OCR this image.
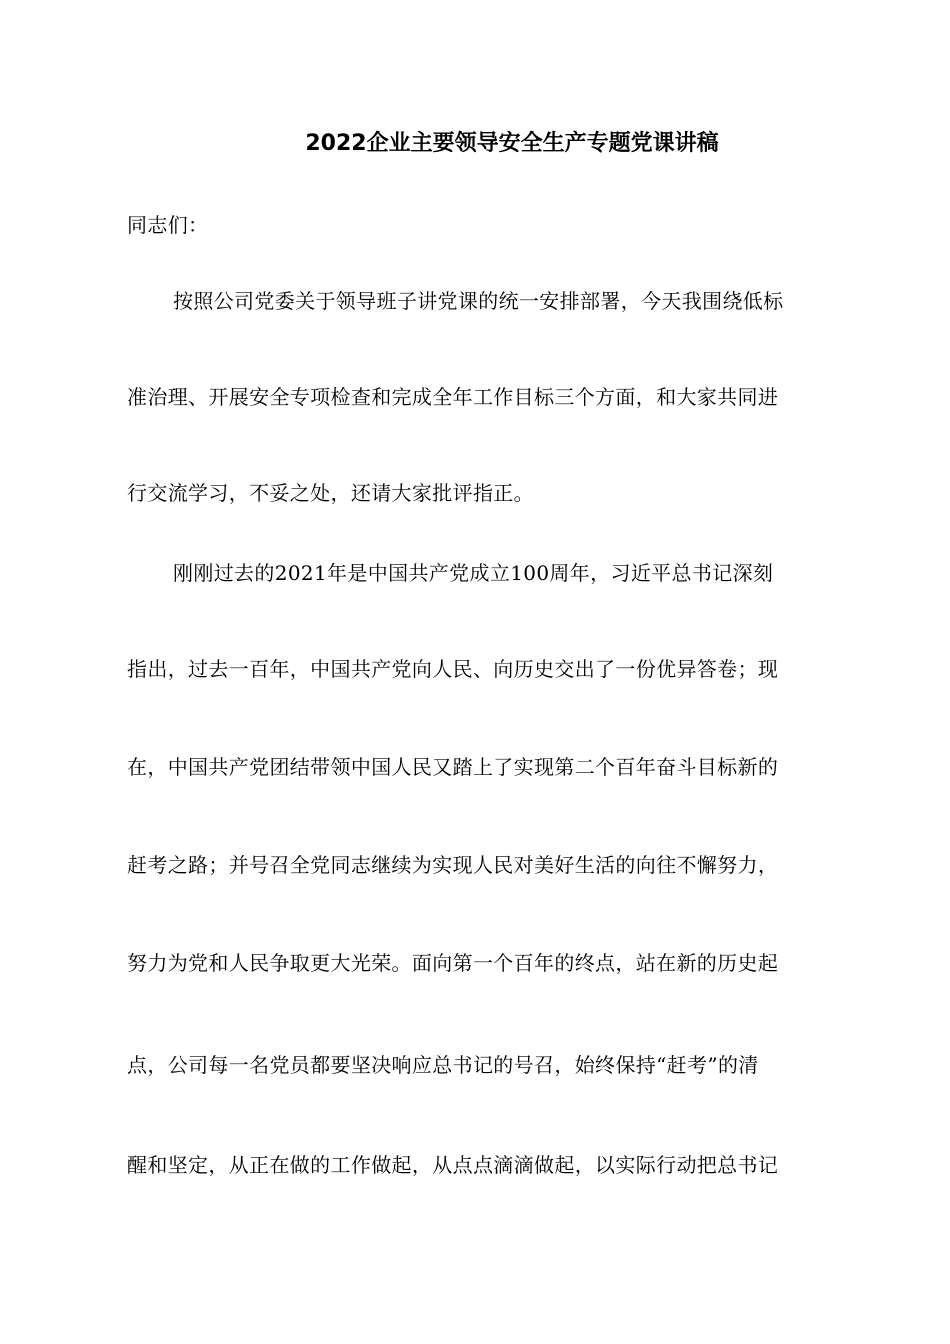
2022企业主要领导安全生产专题党课讲稿
同志们：
按照公司党委关于领导班子讲党课的统一安排部署，今天我围绕低标
准治理、开展安全专项检查和完成全年工作目标三个方面，和大家共同进
行交流学习，不妥之处，还请大家批评指正。
刚刚过去的2021年是中国共产党成立100周年，习近平总书记深刻
指出，过去一百年，中国共产党向人民、向历史交出了一份优异答卷；现
在，中国共产党团结带领中国人民又踏上了实现第二个百年奋斗目标新的
赶考之路；并号召全党同志继续为实现人民对美好生活的向往不懈努力，
努力为党和人民争取更大光荣。面向第一个百年的终点，站在新的历史起
点，公司每一名党员都要坚决响应总书记的号召，始终保持“赶考”的清
醒和坚定，从正在做的工作做起，从点点滴滴做起，以实际行动把总书记
